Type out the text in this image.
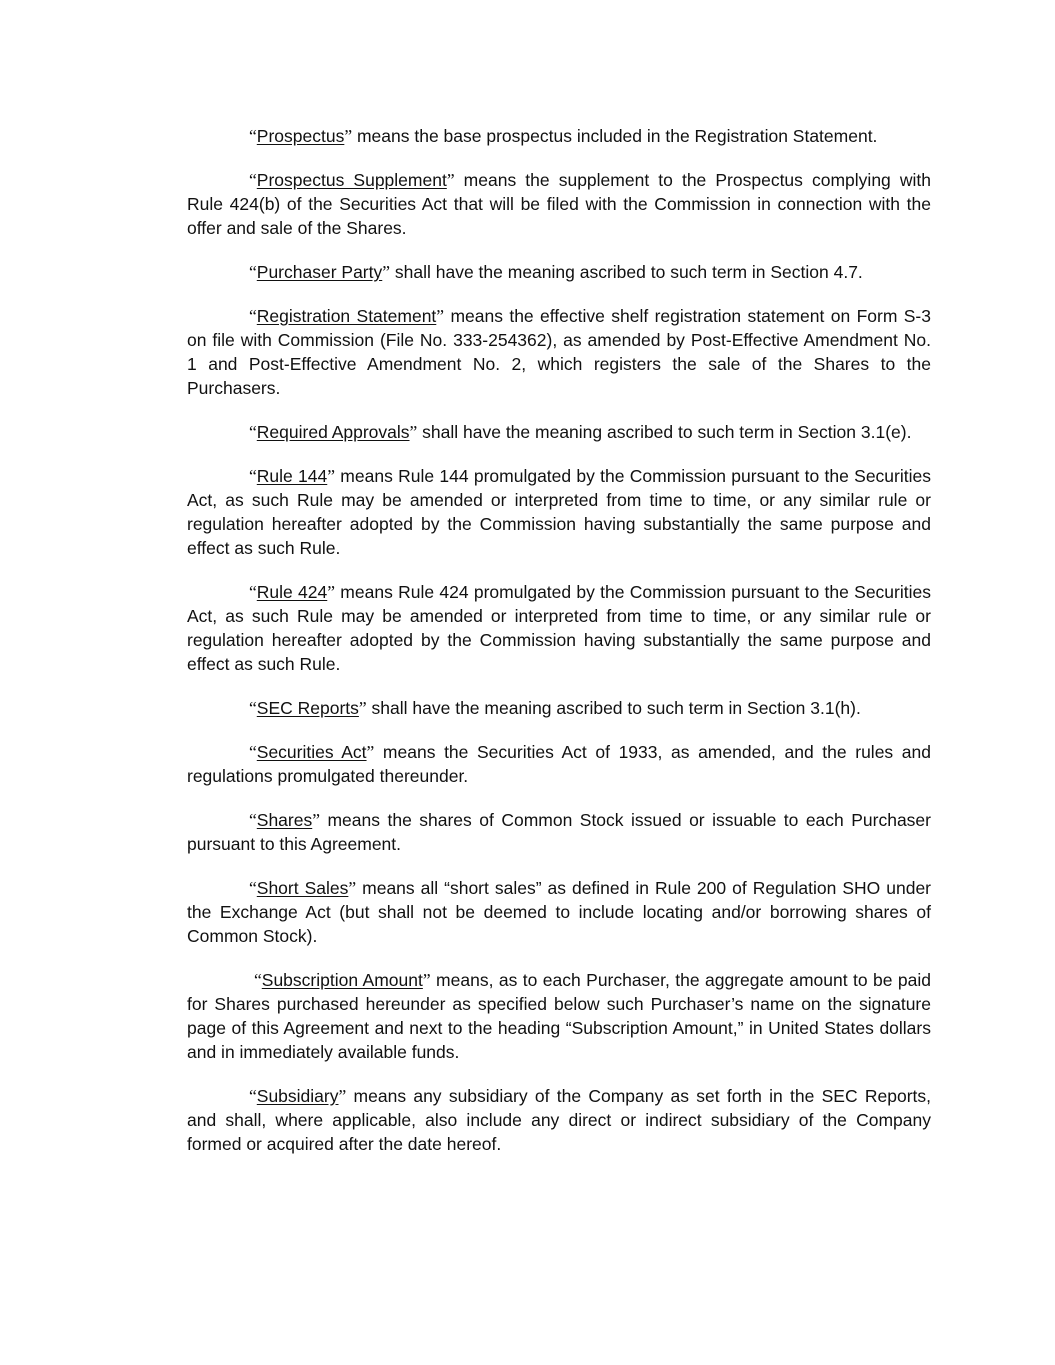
“Prospectus” means the base prospectus included in the Registration Statement.

“Prospectus Supplement” means the supplement to the Prospectus complying with Rule 424(b) of the Securities Act that will be filed with the Commission in connection with the offer and sale of the Shares.

“Purchaser Party” shall have the meaning ascribed to such term in Section 4.7.

“Registration Statement” means the effective shelf registration statement on Form S-3 on file with Commission (File No. 333-254362), as amended by Post-Effective Amendment No. 1 and Post-Effective Amendment No. 2, which registers the sale of the Shares to the Purchasers.

“Required Approvals” shall have the meaning ascribed to such term in Section 3.1(e).

“Rule 144” means Rule 144 promulgated by the Commission pursuant to the Securities Act, as such Rule may be amended or interpreted from time to time, or any similar rule or regulation hereafter adopted by the Commission having substantially the same purpose and effect as such Rule.

“Rule 424” means Rule 424 promulgated by the Commission pursuant to the Securities Act, as such Rule may be amended or interpreted from time to time, or any similar rule or regulation hereafter adopted by the Commission having substantially the same purpose and effect as such Rule.

“SEC Reports” shall have the meaning ascribed to such term in Section 3.1(h).

“Securities Act” means the Securities Act of 1933, as amended, and the rules and regulations promulgated thereunder.

“Shares” means the shares of Common Stock issued or issuable to each Purchaser pursuant to this Agreement.

“Short Sales” means all “short sales” as defined in Rule 200 of Regulation SHO under the Exchange Act (but shall not be deemed to include locating and/or borrowing shares of Common Stock).

“Subscription Amount” means, as to each Purchaser, the aggregate amount to be paid for Shares purchased hereunder as specified below such Purchaser’s name on the signature page of this Agreement and next to the heading “Subscription Amount,” in United States dollars and in immediately available funds.

“Subsidiary” means any subsidiary of the Company as set forth in the SEC Reports, and shall, where applicable, also include any direct or indirect subsidiary of the Company formed or acquired after the date hereof.
